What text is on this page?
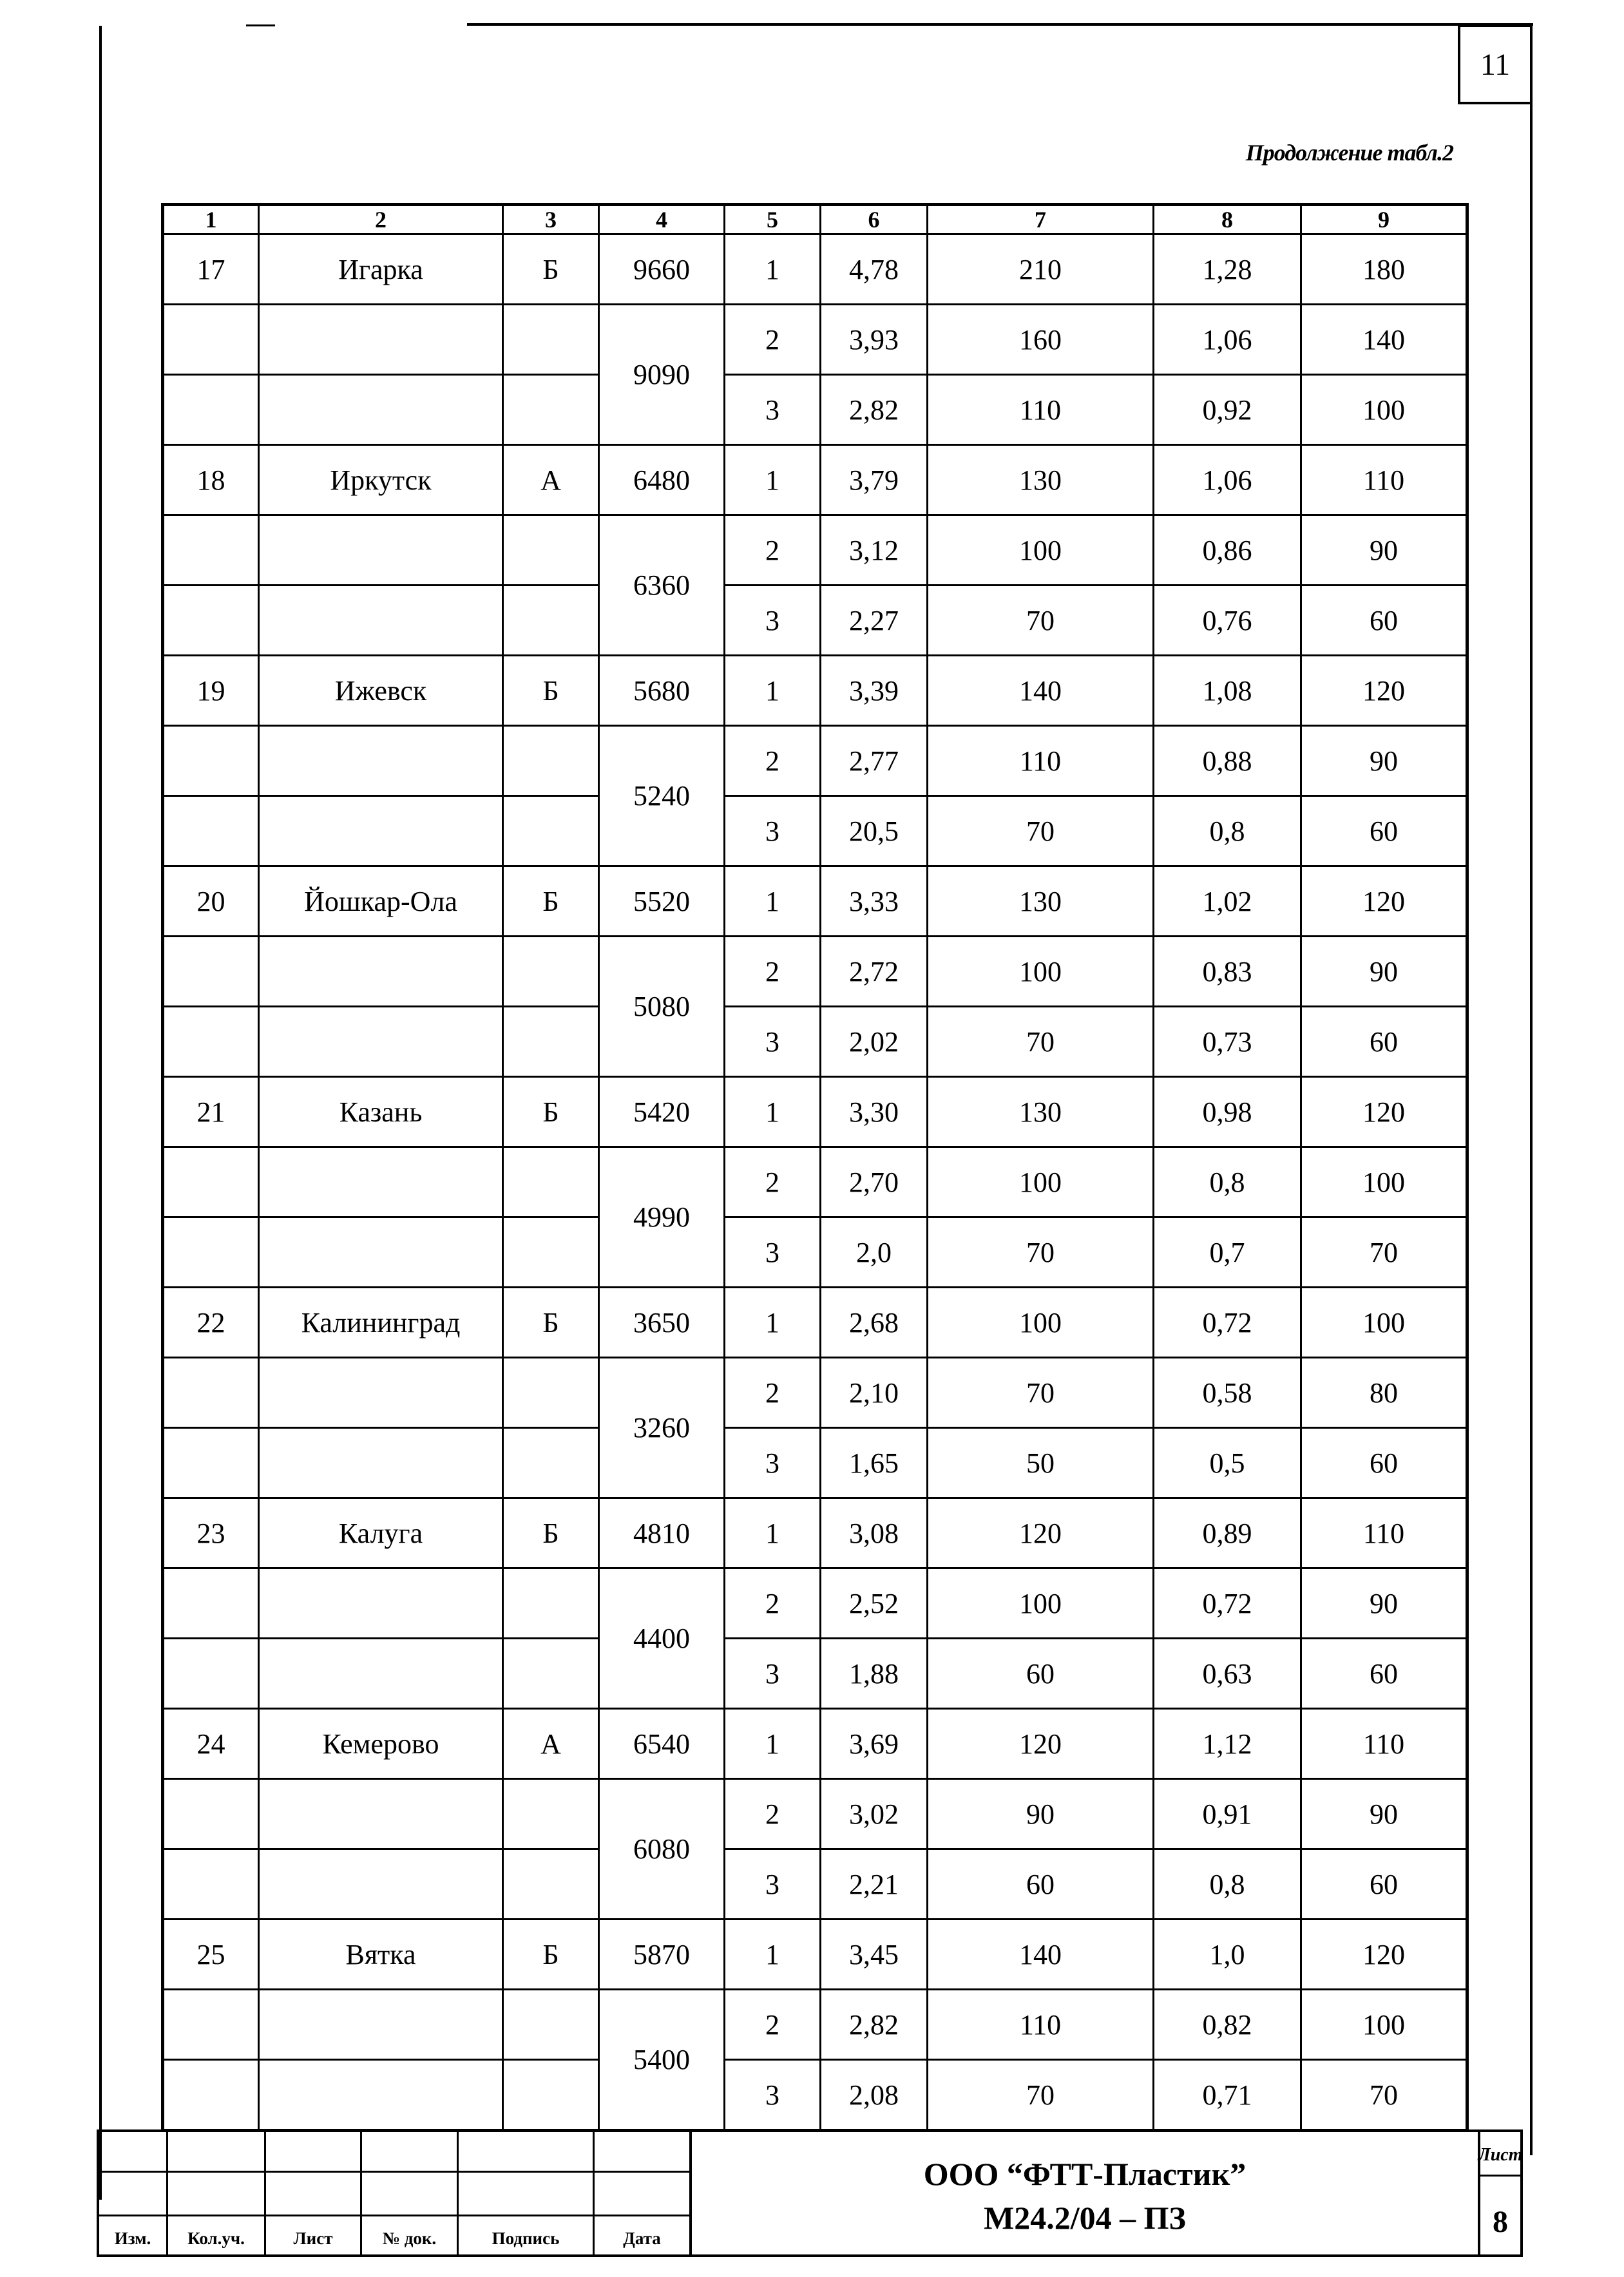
11
Продолжение табл.2
1	2	3	4	5	6	7	8	9
17	Игарка	Б	9660	1	4,78	210	1,28	180
			9090	2	3,93	160	1,06	140
				3	2,82	110	0,92	100
18	Иркутск	А	6480	1	3,79	130	1,06	110
			6360	2	3,12	100	0,86	90
				3	2,27	70	0,76	60
19	Ижевск	Б	5680	1	3,39	140	1,08	120
			5240	2	2,77	110	0,88	90
				3	20,5	70	0,8	60
20	Йошкар-Ола	Б	5520	1	3,33	130	1,02	120
			5080	2	2,72	100	0,83	90
				3	2,02	70	0,73	60
21	Казань	Б	5420	1	3,30	130	0,98	120
			4990	2	2,70	100	0,8	100
				3	2,0	70	0,7	70
22	Калининград	Б	3650	1	2,68	100	0,72	100
			3260	2	2,10	70	0,58	80
				3	1,65	50	0,5	60
23	Калуга	Б	4810	1	3,08	120	0,89	110
			4400	2	2,52	100	0,72	90
				3	1,88	60	0,63	60
24	Кемерово	А	6540	1	3,69	120	1,12	110
			6080	2	3,02	90	0,91	90
				3	2,21	60	0,8	60
25	Вятка	Б	5870	1	3,45	140	1,0	120
			5400	2	2,82	110	0,82	100
				3	2,08	70	0,71	70
Изм.	Кол.уч.	Лист	№ док.	Подпись	Дата
ООО “ФТТ-Пластик”
М24.2/04 – ПЗ
Лист
8
